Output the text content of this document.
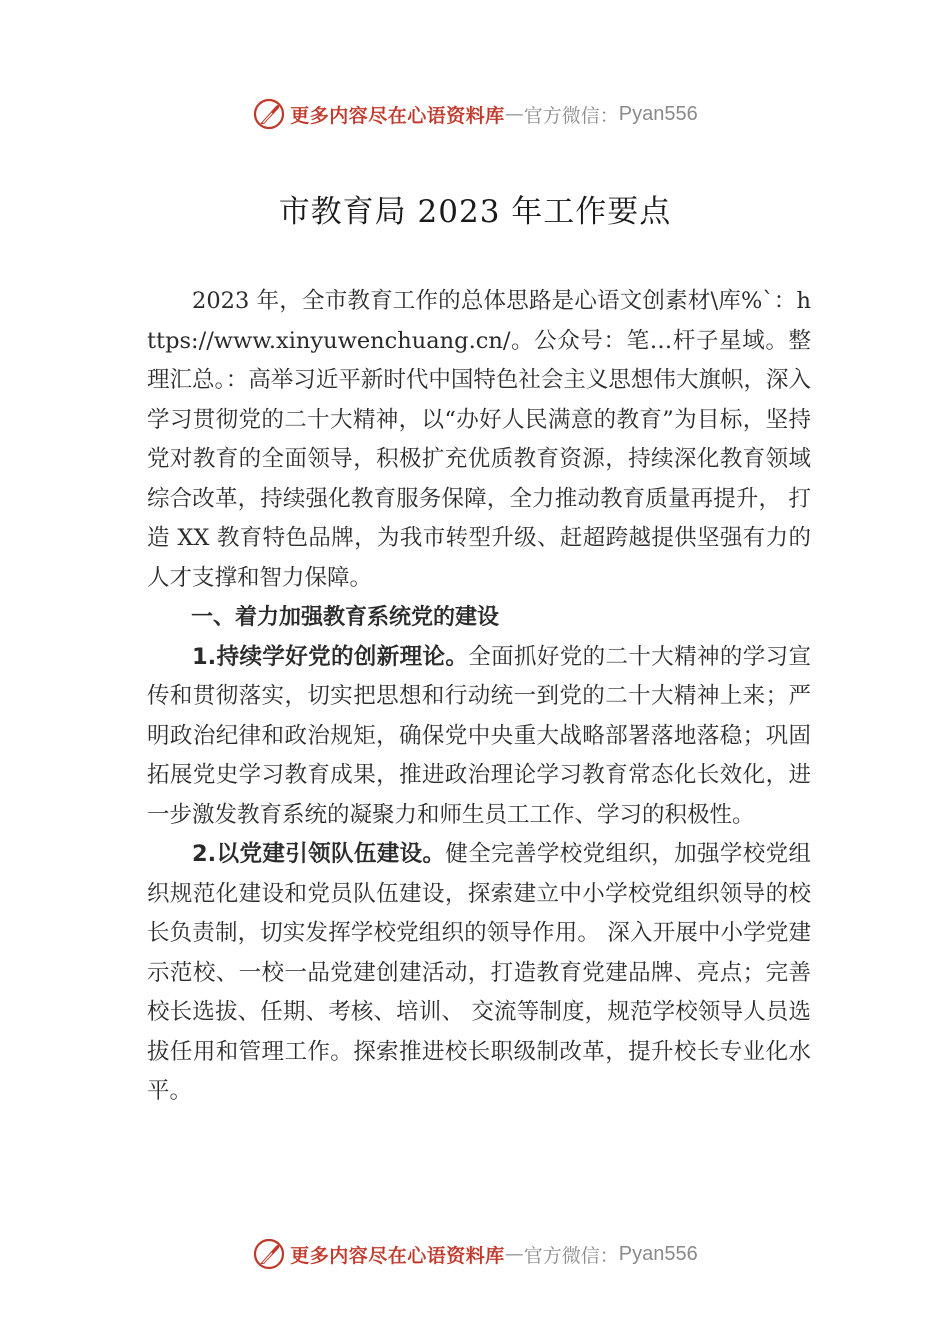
更多内容尽在心语资料库 — 官方微信： Pyan556
市教育局 2023 年工作要点

2023 年，全市教育工作的总体思路是心语文创素材\库%`：https://www.xinyuwenchuang.cn/。公众号：笔…杆子星域。整理汇总。：高举习近平新时代中国特色社会主义思想伟大旗帜，深入学习贯彻党的二十大精神，以“办好人民满意的教育”为目标，坚持党对教育的全面领导，积极扩充优质教育资源，持续深化教育领域综合改革，持续强化教育服务保障，全力推动教育质量再提升， 打造 XX 教育特色品牌，为我市转型升级、赶超跨越提供坚强有力的人才支撑和智力保障。

一、着力加强教育系统党的建设

1.持续学好党的创新理论。全面抓好党的二十大精神的学习宣传和贯彻落实，切实把思想和行动统一到党的二十大精神上来；严明政治纪律和政治规矩，确保党中央重大战略部署落地落稳；巩固拓展党史学习教育成果，推进政治理论学习教育常态化长效化，进一步激发教育系统的凝聚力和师生员工工作、学习的积极性。

2.以党建引领队伍建设。健全完善学校党组织，加强学校党组织规范化建设和党员队伍建设，探索建立中小学校党组织领导的校长负责制，切实发挥学校党组织的领导作用。 深入开展中小学党建示范校、一校一品党建创建活动，打造教育党建品牌、亮点；完善校长选拔、任期、考核、培训、 交流等制度，规范学校领导人员选拔任用和管理工作。探索推进校长职级制改革，提升校长专业化水平。

更多内容尽在心语资料库 — 官方微信： Pyan556
